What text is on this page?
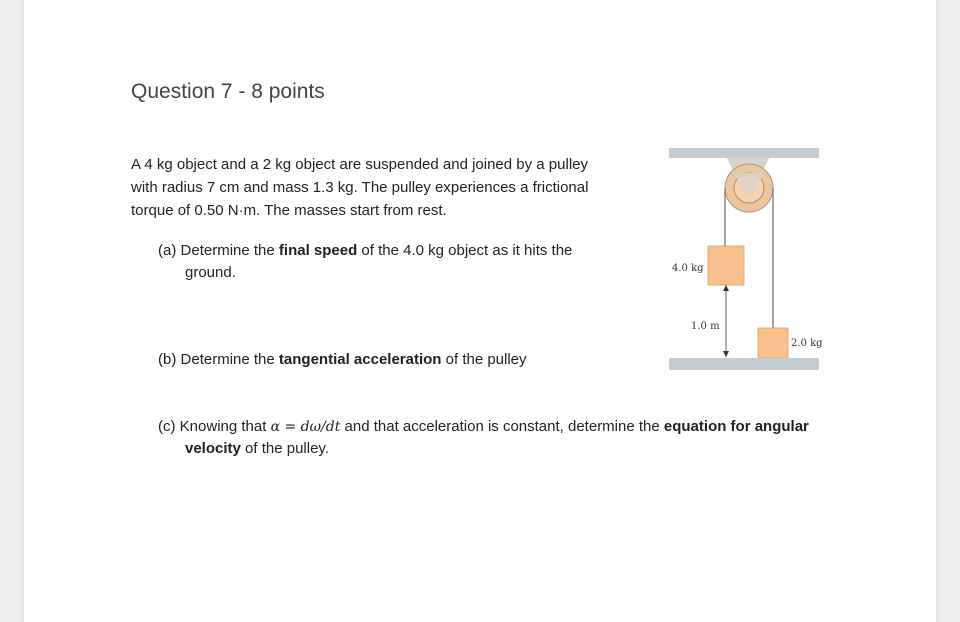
Question 7 - 8 points

A 4 kg object and a 2 kg object are suspended and joined by a pulley with radius 7 cm and mass 1.3 kg. The pulley experiences a frictional torque of 0.50 N·m. The masses start from rest.

(a) Determine the final speed of the 4.0 kg object as it hits the ground.

(b) Determine the tangential acceleration of the pulley

(c) Knowing that α = dω/dt and that acceleration is constant, determine the equation for angular velocity of the pulley.

4.0 kg
1.0 m
2.0 kg
